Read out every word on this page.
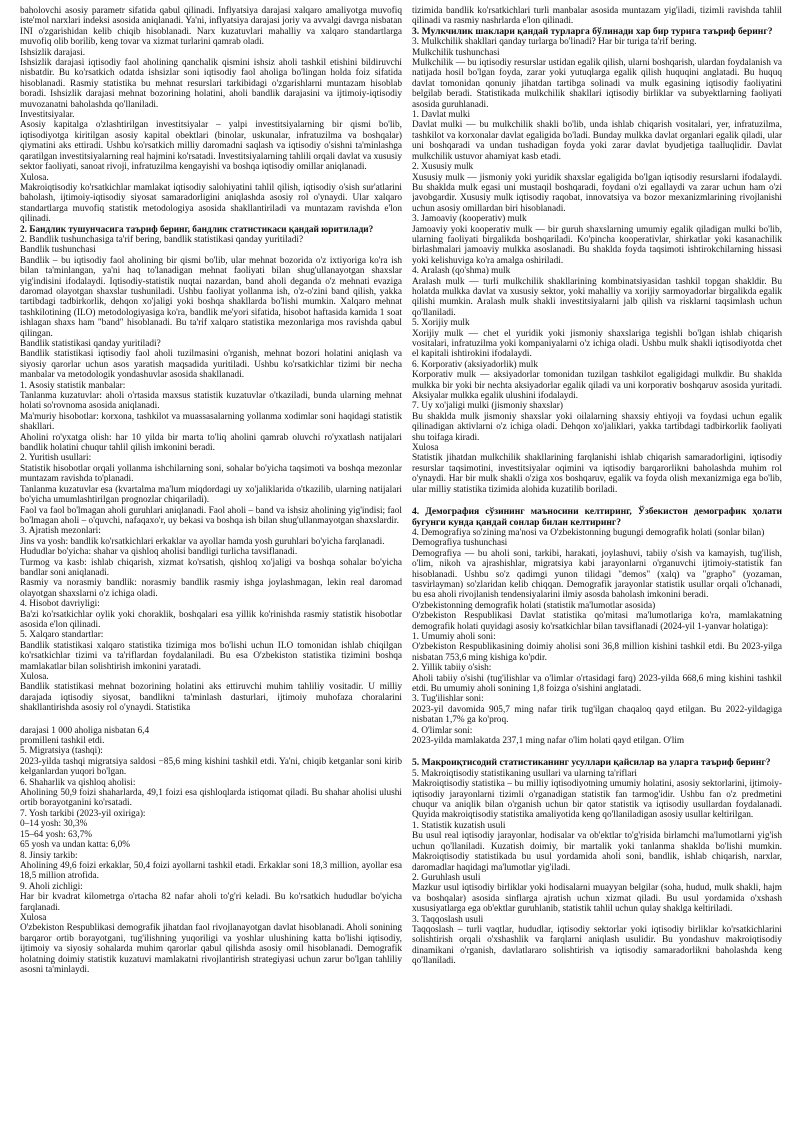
baholovchi asosiy parametr sifatida qabul qilinadi. Inflyatsiya darajasi xalqaro amaliyotga muvofiq iste'mol narxlari indeksi asosida aniqlanadi. Ya'ni, inflyatsiya darajasi joriy va avvalgi davrga nisbatan INI o'zgarishidan kelib chiqib hisoblanadi. Narx kuzatuvlari mahalliy va xalqaro standartlarga muvofiq olib borilib, keng tovar va xizmat turlarini qamrab oladi.

Ishsizlik darajasi.

Ishsizlik darajasi iqtisodiy faol aholining qanchalik qismini ishsiz aholi tashkil etishini bildiruvchi nisbatdir. Bu ko'rsatkich odatda ishsizlar soni iqtisodiy faol aholiga bo'lingan holda foiz sifatida hisoblanadi. Rasmiy statistika bu mehnat resurslari tarkibidagi o'zgarishlarni muntazam hisoblab boradi. Ishsizlik darajasi mehnat bozorining holatini, aholi bandlik darajasini va ijtimoiy-iqtisodiy muvozanatni baholashda qo'llaniladi.

Investitsiyalar.

Asosiy kapitalga o'zlashtirilgan investitsiyalar – yalpi investitsiyalarning bir qismi bo'lib, iqtisodiyotga kiritilgan asosiy kapital obektlari (binolar, uskunalar, infratuzilma va boshqalar) qiymatini aks ettiradi. Ushbu ko'rsatkich milliy daromadni saqlash va iqtisodiy o'sishni ta'minlashga qaratilgan investitsiyalarning real hajmini ko'rsatadi. Investitsiyalarning tahlili orqali davlat va xususiy sektor faoliyati, sanoat rivoji, infratuzilma kengayishi va boshqa iqtisodiy omillar aniqlanadi.

Xulosa.

Makroiqtisodiy ko'rsatkichlar mamlakat iqtisodiy salohiyatini tahlil qilish, iqtisodiy o'sish sur'atlarini baholash, ijtimoiy-iqtisodiy siyosat samaradorligini aniqlashda asosiy rol o'ynaydi. Ular xalqaro standartlarga muvofiq statistik metodologiya asosida shakllantiriladi va muntazam ravishda e'lon qilinadi.

2. Бандлик тушунчасига таъриф беринг, бандлик статистикаси қандай юритилади?

2. Bandlik tushunchasiga ta'rif bering, bandlik statistikasi qanday yuritiladi?

Bandlik tushunchasi

Bandlik – bu iqtisodiy faol aholining bir qismi bo'lib, ular mehnat bozorida o'z ixtiyoriga ko'ra ish bilan ta'minlangan, ya'ni haq to'lanadigan mehnat faoliyati bilan shug'ullanayotgan shaxslar yig'indisini ifodalaydi. Iqtisodiy-statistik nuqtai nazardan, band aholi deganda o'z mehnati evaziga daromad olayotgan shaxslar tushuniladi. Ushbu faoliyat yollanma ish, o'z-o'zini band qilish, yakka tartibdagi tadbirkorlik, dehqon xo'jaligi yoki boshqa shakllarda bo'lishi mumkin. Xalqaro mehnat tashkilotining (ILO) metodologiyasiga ko'ra, bandlik me'yori sifatida, hisobot haftasida kamida 1 soat ishlagan shaxs ham "band" hisoblanadi. Bu ta'rif xalqaro statistika mezonlariga mos ravishda qabul qilingan.

Bandlik statistikasi qanday yuritiladi?

Bandlik statistikasi iqtisodiy faol aholi tuzilmasini o'rganish, mehnat bozori holatini aniqlash va siyosiy qarorlar uchun asos yaratish maqsadida yuritiladi. Ushbu ko'rsatkichlar tizimi bir necha manbalar va metodologik yondashuvlar asosida shakllanadi.

1. Asosiy statistik manbalar:

Tanlanma kuzatuvlar: aholi o'rtasida maxsus statistik kuzatuvlar o'tkaziladi, bunda ularning mehnat holati so'rovnoma asosida aniqlanadi.

Ma'muriy hisobotlar: korxona, tashkilot va muassasalarning yollanma xodimlar soni haqidagi statistik shakllari.

Aholini ro'yxatga olish: har 10 yilda bir marta to'liq aholini qamrab oluvchi ro'yxatlash natijalari bandlik holatini chuqur tahlil qilish imkonini beradi.

2. Yuritish usullari:

Statistik hisobotlar orqali yollanma ishchilarning soni, sohalar bo'yicha taqsimoti va boshqa mezonlar muntazam ravishda to'planadi.

Tanlanma kuzatuvlar esa (kvartalma ma'lum miqdordagi uy xo'jaliklarida o'tkazilib, ularning natijalari bo'yicha umumlashtirilgan prognozlar chiqariladi).

Faol va faol bo'lmagan aholi guruhlari aniqlanadi. Faol aholi – band va ishsiz aholining yig'indisi; faol bo'lmagan aholi – o'quvchi, nafaqaxo'r, uy bekasi va boshqa ish bilan shug'ullanmayotgan shaxslardir.

3. Ajratish mezonlari:

Jins va yosh: bandlik ko'rsatkichlari erkaklar va ayollar hamda yosh guruhlari bo'yicha farqlanadi.

Hududlar bo'yicha: shahar va qishloq aholisi bandligi turlicha tavsiflanadi.

Turmog va kasb: ishlab chiqarish, xizmat ko'rsatish, qishloq xo'jaligi va boshqa sohalar bo'yicha bandlar soni aniqlanadi.

Rasmiy va norasmiy bandlik: norasmiy bandlik rasmiy ishga joylashmagan, lekin real daromad olayotgan shaxslarni o'z ichiga oladi.

4. Hisobot davriyligi:

Ba'zi ko'rsatkichlar oylik yoki choraklik, boshqalari esa yillik ko'rinishda rasmiy statistik hisobotlar asosida e'lon qilinadi.

5. Xalqaro standartlar:

Bandlik statistikasi xalqaro statistika tizimiga mos bo'lishi uchun ILO tomonidan ishlab chiqilgan ko'rsatkichlar tizimi va ta'riflardan foydalaniladi. Bu esa O'zbekiston statistika tizimini boshqa mamlakatlar bilan solishtirish imkonini yaratadi.

Xulosa.

Bandlik statistikasi mehnat bozorining holatini aks ettiruvchi muhim tahliliy vositadir. U milliy darajada iqtisodiy siyosat, bandlikni ta'minlash dasturlari, ijtimoiy muhofaza choralarini shakllantirishda asosiy rol o'ynaydi. Statistika

darajasi 1 000 aholiga nisbatan 6,4

promilleni tashkil etdi.

5. Migratsiya (tashqi):

2023-yilda tashqi migratsiya saldosi −85,6 ming kishini tashkil etdi. Ya'ni, chiqib ketganlar soni kirib kelganlardan yuqori bo'lgan.

6. Shaharlik va qishloq aholisi:

Aholining 50,9 foizi shaharlarda, 49,1 foizi esa qishloqlarda istiqomat qiladi. Bu shahar aholisi ulushi ortib borayotganini ko'rsatadi.

7. Yosh tarkibi (2023-yil oxiriga):

0–14 yosh: 30,3%

15–64 yosh: 63,7%

65 yosh va undan katta: 6,0%

8. Jinsiy tarkib:

Aholining 49,6 foizi erkaklar, 50,4 foizi ayollarni tashkil etadi. Erkaklar soni 18,3 million, ayollar esa 18,5 million atrofida.

9. Aholi zichligi:

Har bir kvadrat kilometrga o'rtacha 82 nafar aholi to'g'ri keladi. Bu ko'rsatkich hududlar bo'yicha farqlanadi.

Xulosa

O'zbekiston Respublikasi demografik jihatdan faol rivojlanayotgan davlat hisoblanadi. Aholi sonining barqaror ortib borayotgani, tug'ilishning yuqoriligi va yoshlar ulushining katta bo'lishi iqtisodiy, ijtimoiy va siyosiy sohalarda muhim qarorlar qabul qilishda asosiy omil hisoblanadi. Demografik holatning doimiy statistik kuzatuvi mamlakatni rivojlantirish strategiyasi uchun zarur bo'lgan tahliliy asosni ta'minlaydi.

tizimida bandlik ko'rsatkichlari turli manbalar asosida muntazam yig'iladi, tizimli ravishda tahlil qilinadi va rasmiy nashrlarda e'lon qilinadi.

3. Мулкчилик шаклари қандай турларга бўлинади хар бир турига таъриф беринг?

3. Mulkchilik shakllari qanday turlarga bo'linadi? Har bir turiga ta'rif bering.

Mulkchilik tushunchasi

Mulkchilik — bu iqtisodiy resurslar ustidan egalik qilish, ularni boshqarish, ulardan foydalanish va natijada hosil bo'lgan foyda, zarar yoki yutuqlarga egalik qilish huquqini anglatadi. Bu huquq davlat tomonidan qonuniy jihatdan tartibga solinadi va mulk egasining iqtisodiy faoliyatini belgilab beradi. Statistikada mulkchilik shakllari iqtisodiy birliklar va subyektlarning faoliyati asosida guruhlanadi.

1. Davlat mulki

Davlat mulki — bu mulkchilik shakli bo'lib, unda ishlab chiqarish vositalari, yer, infratuzilma, tashkilot va korxonalar davlat egaligida bo'ladi. Bunday mulkka davlat organlari egalik qiladi, ular uni boshqaradi va undan tushadigan foyda yoki zarar davlat byudjetiga taalluqlidir. Davlat mulkchilik ustuvor ahamiyat kasb etadi.

2. Xususiy mulk

Xususiy mulk — jismoniy yoki yuridik shaxslar egaligida bo'lgan iqtisodiy resurslarni ifodalaydi. Bu shaklda mulk egasi uni mustaqil boshqaradi, foydani o'zi egallaydi va zarar uchun ham o'zi javobgardir. Xususiy mulk iqtisodiy raqobat, innovatsiya va bozor mexanizmlarining rivojlanishi uchun asosiy omillardan biri hisoblanadi.

3. Jamoaviy (kooperativ) mulk

Jamoaviy yoki kooperativ mulk — bir guruh shaxslarning umumiy egalik qiladigan mulki bo'lib, ularning faoliyati birgalikda boshqariladi. Ko'pincha kooperativlar, shirkatlar yoki kasanachilik birlashmalari jamoaviy mulkka asoslanadi. Bu shaklda foyda taqsimoti ishtirokchilarning hissasi yoki kelishuviga ko'ra amalga oshiriladi.

4. Aralash (qo'shma) mulk

Aralash mulk — turli mulkchilik shakllarining kombinatsiyasidan tashkil topgan shakldir. Bu holatda mulkka davlat va xususiy sektor, yoki mahalliy va xorijiy sarmoyadorlar birgalikda egalik qilishi mumkin. Aralash mulk shakli investitsiyalarni jalb qilish va risklarni taqsimlash uchun qo'llaniladi.

5. Xorijiy mulk

Xorijiy mulk — chet el yuridik yoki jismoniy shaxslariga tegishli bo'lgan ishlab chiqarish vositalari, infratuzilma yoki kompaniyalarni o'z ichiga oladi. Ushbu mulk shakli iqtisodiyotda chet el kapitali ishtirokini ifodalaydi.

6. Korporativ (aksiyadorlik) mulk

Korporativ mulk — aksiyadorlar tomonidan tuzilgan tashkilot egaligidagi mulkdir. Bu shaklda mulkka bir yoki bir nechta aksiyadorlar egalik qiladi va uni korporativ boshqaruv asosida yuritadi. Aksiyalar mulkka egalik ulushini ifodalaydi.

7. Uy xo'jaligi mulki (jismoniy shaxslar)

Bu shaklda mulk jismoniy shaxslar yoki oilalarning shaxsiy ehtiyoji va foydasi uchun egalik qilinadigan aktivlarni o'z ichiga oladi. Dehqon xo'jaliklari, yakka tartibdagi tadbirkorlik faoliyati shu toifaga kiradi.

Xulosa

Statistik jihatdan mulkchilik shakllarining farqlanishi ishlab chiqarish samaradorligini, iqtisodiy resurslar taqsimotini, investitsiyalar oqimini va iqtisodiy barqarorlikni baholashda muhim rol o'ynaydi. Har bir mulk shakli o'ziga xos boshqaruv, egalik va foyda olish mexanizmiga ega bo'lib, ular milliy statistika tizimida alohida kuzatilib boriladi.

4. Демография сўзининг маъносини келтиринг, Ўзбекистон демографик ҳолати бугунги кунда қандай сонлар билан келтиринг?

4. Demografiya so'zining ma'nosi va O'zbekistonning bugungi demografik holati (sonlar bilan)

Demografiya tushunchasi

Demografiya — bu aholi soni, tarkibi, harakati, joylashuvi, tabiiy o'sish va kamayish, tug'ilish, o'lim, nikoh va ajrashishlar, migratsiya kabi jarayonlarni o'rganuvchi ijtimoiy-statistik fan hisoblanadi. Ushbu so'z qadimgi yunon tilidagi "demos" (xalq) va "grapho" (yozaman, tasvirlayman) so'zlaridan kelib chiqqan. Demografik jarayonlar statistik usullar orqali o'lchanadi, bu esa aholi rivojlanish tendensiyalarini ilmiy asosda baholash imkonini beradi.

O'zbekistonning demografik holati (statistik ma'lumotlar asosida)

O'zbekiston Respublikasi Davlat statistika qo'mitasi ma'lumotlariga ko'ra, mamlakatning demografik holati quyidagi asosiy ko'rsatkichlar bilan tavsiflanadi (2024-yil 1-yanvar holatiga):

1. Umumiy aholi soni:

O'zbekiston Respublikasining doimiy aholisi soni 36,8 million kishini tashkil etdi. Bu 2023-yilga nisbatan 753,6 ming kishiga ko'pdir.

2. Yillik tabiiy o'sish:

Aholi tabiiy o'sishi (tug'ilishlar va o'limlar o'rtasidagi farq) 2023-yilda 668,6 ming kishini tashkil etdi. Bu umumiy aholi sonining 1,8 foizga o'sishini anglatadi.

3. Tug'ilishlar soni:

2023-yil davomida 905,7 ming nafar tirik tug'ilgan chaqaloq qayd etilgan. Bu 2022-yildagiga nisbatan 1,7% ga ko'proq.

4. O'limlar soni:

2023-yilda mamlakatda 237,1 ming nafar o'lim holati qayd etilgan. O'lim

5. Макроиқтисодий статистиканинг усуллари қайсилар ва уларга таъриф беринг?

5. Makroiqtisodiy statistikaning usullari va ularning ta'riflari

Makroiqtisodiy statistika – bu milliy iqtisodiyotning umumiy holatini, asosiy sektorlarini, ijtimoiy-iqtisodiy jarayonlarni tizimli o'rganadigan statistik fan tarmog'idir. Ushbu fan o'z predmetini chuqur va aniqlik bilan o'rganish uchun bir qator statistik va iqtisodiy usullardan foydalanadi. Quyida makroiqtisodiy statistika amaliyotida keng qo'llaniladigan asosiy usullar keltirilgan.

1. Statistik kuzatish usuli

Bu usul real iqtisodiy jarayonlar, hodisalar va ob'ektlar to'g'risida birlamchi ma'lumotlarni yig'ish uchun qo'llaniladi. Kuzatish doimiy, bir martalik yoki tanlanma shaklda bo'lishi mumkin. Makroiqtisodiy statistikada bu usul yordamida aholi soni, bandlik, ishlab chiqarish, narxlar, daromadlar haqidagi ma'lumotlar yig'iladi.

2. Guruhlash usuli

Mazkur usul iqtisodiy birliklar yoki hodisalarni muayyan belgilar (soha, hudud, mulk shakli, hajm va boshqalar) asosida sinflarga ajratish uchun xizmat qiladi. Bu usul yordamida o'xshash xususiyatlarga ega ob'ektlar guruhlanib, statistik tahlil uchun qulay shaklga keltiriladi.

3. Taqqoslash usuli

Taqqoslash – turli vaqtlar, hududlar, iqtisodiy sektorlar yoki iqtisodiy birliklar ko'rsatkichlarini solishtirish orqali o'xshashlik va farqlarni aniqlash usulidir. Bu yondashuv makroiqtisodiy dinamikani o'rganish, davlatlararo solishtirish va iqtisodiy samaradorlikni baholashda keng qo'llaniladi.
